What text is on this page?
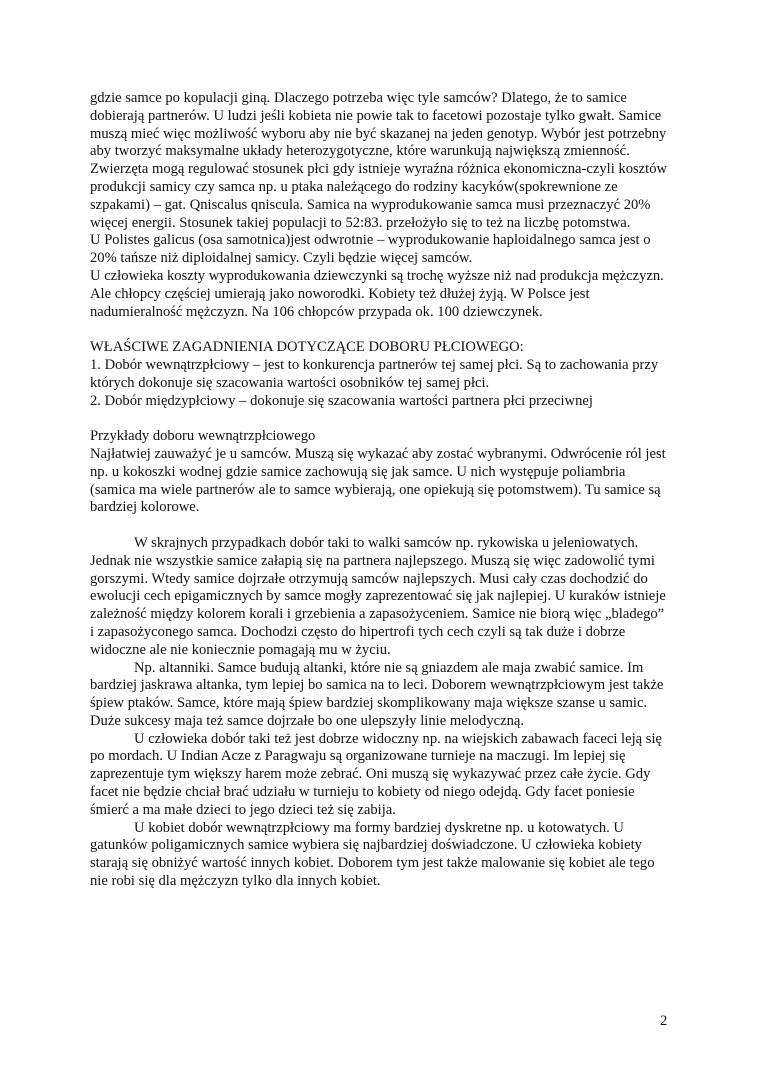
gdzie samce po kopulacji giną. Dlaczego potrzeba więc tyle samców? Dlatego, że to samice dobierają partnerów. U ludzi jeśli kobieta nie powie tak to facetowi pozostaje tylko gwałt. Samice muszą mieć więc możliwość wyboru aby nie być skazanej na jeden genotyp. Wybór jest potrzebny aby tworzyć maksymalne układy heterozygotyczne, które warunkują największą zmienność.

Zwierzęta mogą regulować stosunek płci gdy istnieje wyraźna różnica ekonomiczna-czyli kosztów produkcji samicy czy samca np. u ptaka należącego do rodziny kacyków(spokrewnione ze szpakami) – gat. Qniscalus qniscula. Samica na wyprodukowanie samca musi przeznaczyć 20% więcej energii. Stosunek takiej populacji to 52:83. przełożyło się to też na liczbę potomstwa.

U Polistes galicus (osa samotnica)jest odwrotnie – wyprodukowanie haploidalnego samca jest o 20% tańsze niż diploidalnej samicy. Czyli będzie więcej samców.

U człowieka koszty wyprodukowania dziewczynki są trochę wyższe niż nad produkcja mężczyzn. Ale chłopcy częściej umierają jako noworodki. Kobiety też dłużej żyją. W Polsce jest nadumieralność mężczyzn. Na 106 chłopców przypada ok. 100 dziewczynek.

WŁAŚCIWE ZAGADNIENIA DOTYCZĄCE DOBORU PŁCIOWEGO:

1. Dobór wewnątrzpłciowy – jest to konkurencja partnerów tej samej płci. Są to zachowania przy których dokonuje się szacowania wartości osobników tej samej płci.

2. Dobór międzypłciowy – dokonuje się szacowania wartości partnera płci przeciwnej

Przykłady doboru wewnątrzpłciowego

Najłatwiej zauważyć je u samców. Muszą się wykazać aby zostać wybranymi. Odwrócenie ról jest np. u kokoszki wodnej gdzie samice zachowują się jak samce. U nich występuje poliambria (samica ma wiele partnerów ale to samce wybierają, one opiekują się potomstwem). Tu samice są bardziej kolorowe.

W skrajnych przypadkach dobór taki to walki samców np. rykowiska u jeleniowatych. Jednak nie wszystkie samice załapią się na partnera najlepszego. Muszą się więc zadowolić tymi gorszymi. Wtedy samice dojrzałe otrzymują samców najlepszych. Musi cały czas dochodzić do ewolucji cech epigamicznych by samce mogły zaprezentować się jak najlepiej. U kuraków istnieje zależność między kolorem korali i grzebienia a zapasożyceniem. Samice nie biorą więc „bladego” i zapasożyconego samca. Dochodzi często do hipertrofi tych cech czyli są tak duże i dobrze widoczne ale nie koniecznie pomagają mu w życiu.

Np. altanniki. Samce budują altanki, które nie są gniazdem ale maja zwabić samice. Im bardziej jaskrawa altanka, tym lepiej bo samica na to leci. Doborem wewnątrzpłciowym jest także śpiew ptaków. Samce, które mają śpiew bardziej skomplikowany maja większe szanse u samic. Duże sukcesy maja też samce dojrzałe bo one ulepszyły linie melodyczną.

U człowieka dobór taki też jest dobrze widoczny np. na wiejskich zabawach faceci leją się po mordach. U Indian Acze z Paragwaju są organizowane turnieje na maczugi. Im lepiej się zaprezentuje tym większy harem może zebrać. Oni muszą się wykazywać przez całe życie. Gdy facet nie będzie chciał brać udziału w turnieju to kobiety od niego odejdą. Gdy facet poniesie śmierć a ma małe dzieci to jego dzieci też się zabija.

U kobiet dobór wewnątrzpłciowy ma formy bardziej dyskretne np. u kotowatych. U gatunków poligamicznych samice wybiera się najbardziej doświadczone. U człowieka kobiety starają się obniżyć wartość innych kobiet. Doborem tym jest także malowanie się kobiet ale tego nie robi się dla mężczyzn tylko dla innych kobiet.

2
